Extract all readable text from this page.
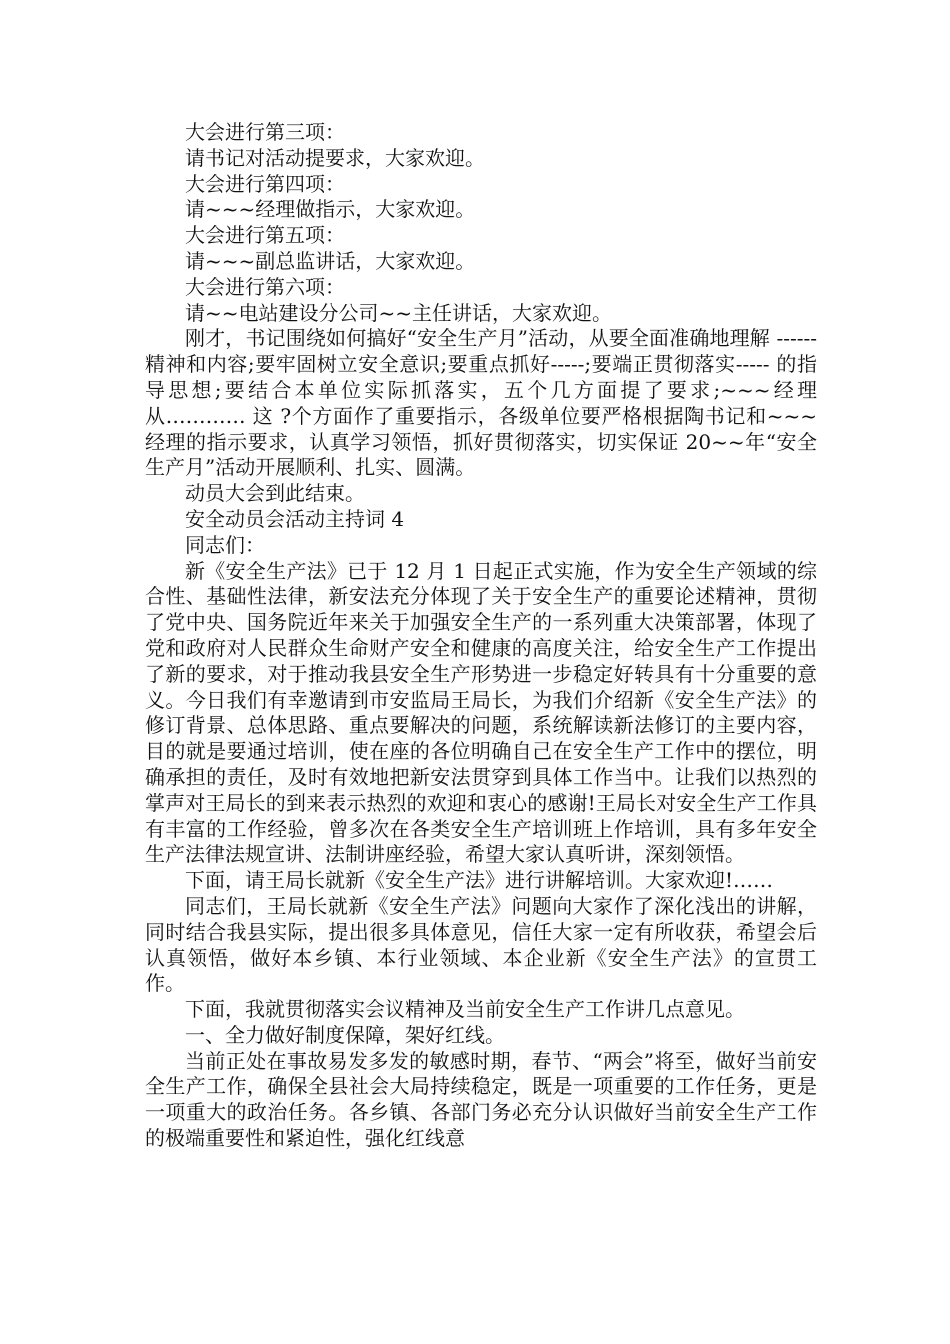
大会进行第三项：

请书记对活动提要求，大家欢迎。

大会进行第四项：

请~~~经理做指示，大家欢迎。

大会进行第五项：

请~~~副总监讲话，大家欢迎。

大会进行第六项：

请~~电站建设分公司~~主任讲话，大家欢迎。

刚才，书记围绕如何搞好“安全生产月”活动，从要全面准确地理解 ------ 精神和内容;要牢固树立安全意识;要重点抓好-----;要端正贯彻落实----- 的指导思想;要结合本单位实际抓落实，五个几方面提了要求;~~~经理从………… 这 ?个方面作了重要指示，各级单位要严格根据陶书记和~~~经理的指示要求，认真学习领悟，抓好贯彻落实，切实保证 20~~年“安全生产月”活动开展顺利、扎实、圆满。

动员大会到此结束。

安全动员会活动主持词 4

同志们：

新《安全生产法》已于 12 月 1 日起正式实施，作为安全生产领域的综合性、基础性法律，新安法充分体现了关于安全生产的重要论述精神，贯彻了党中央、国务院近年来关于加强安全生产的一系列重大决策部署，体现了党和政府对人民群众生命财产安全和健康的高度关注，给安全生产工作提出了新的要求，对于推动我县安全生产形势进一步稳定好转具有十分重要的意义。今日我们有幸邀请到市安监局王局长，为我们介绍新《安全生产法》的修订背景、总体思路、重点要解决的问题，系统解读新法修订的主要内容，目的就是要通过培训，使在座的各位明确自己在安全生产工作中的摆位，明确承担的责任，及时有效地把新安法贯穿到具体工作当中。让我们以热烈的掌声对王局长的到来表示热烈的欢迎和衷心的感谢!王局长对安全生产工作具有丰富的工作经验，曾多次在各类安全生产培训班上作培训，具有多年安全生产法律法规宣讲、法制讲座经验，希望大家认真听讲，深刻领悟。

下面，请王局长就新《安全生产法》进行讲解培训。大家欢迎!……

同志们，王局长就新《安全生产法》问题向大家作了深化浅出的讲解，同时结合我县实际，提出很多具体意见，信任大家一定有所收获，希望会后认真领悟，做好本乡镇、本行业领域、本企业新《安全生产法》的宣贯工作。

下面，我就贯彻落实会议精神及当前安全生产工作讲几点意见。

一、全力做好制度保障，架好红线。

当前正处在事故易发多发的敏感时期，春节、“两会”将至，做好当前安全生产工作，确保全县社会大局持续稳定，既是一项重要的工作任务，更是一项重大的政治任务。各乡镇、各部门务必充分认识做好当前安全生产工作的极端重要性和紧迫性，强化红线意
